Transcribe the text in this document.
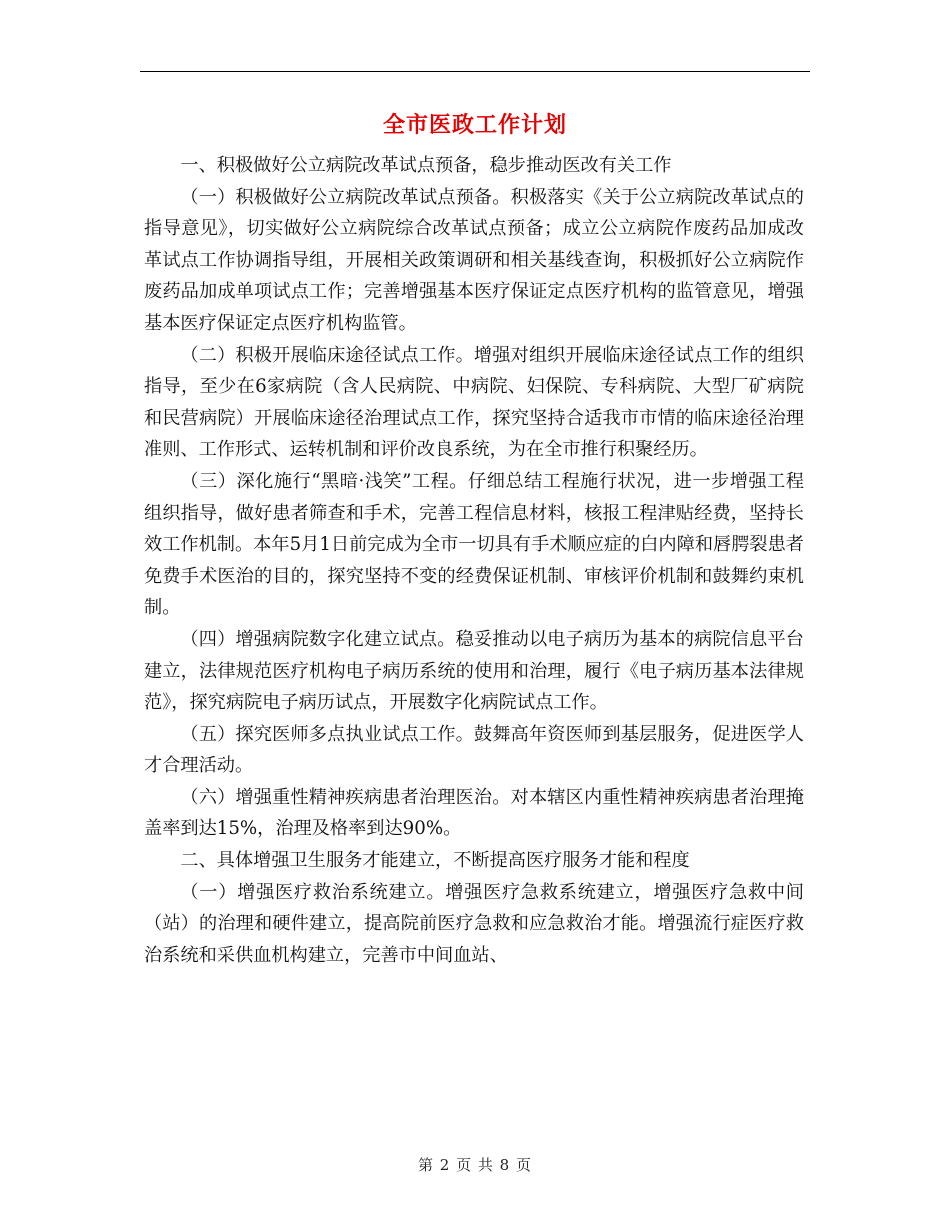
全市医政工作计划

一、积极做好公立病院改革试点预备，稳步推动医改有关工作

（一）积极做好公立病院改革试点预备。积极落实《关于公立病院改革试点的指导意见》，切实做好公立病院综合改革试点预备；成立公立病院作废药品加成改革试点工作协调指导组，开展相关政策调研和相关基线查询，积极抓好公立病院作废药品加成单项试点工作；完善增强基本医疗保证定点医疗机构的监管意见，增强基本医疗保证定点医疗机构监管。

（二）积极开展临床途径试点工作。增强对组织开展临床途径试点工作的组织指导，至少在6家病院（含人民病院、中病院、妇保院、专科病院、大型厂矿病院和民营病院）开展临床途径治理试点工作，探究坚持合适我市市情的临床途径治理准则、工作形式、运转机制和评价改良系统，为在全市推行积聚经历。

（三）深化施行“黑暗·浅笑”工程。仔细总结工程施行状况，进一步增强工程组织指导，做好患者筛查和手术，完善工程信息材料，核报工程津贴经费，坚持长效工作机制。本年5月1日前完成为全市一切具有手术顺应症的白内障和唇腭裂患者免费手术医治的目的，探究坚持不变的经费保证机制、审核评价机制和鼓舞约束机制。

（四）增强病院数字化建立试点。稳妥推动以电子病历为基本的病院信息平台建立，法律规范医疗机构电子病历系统的使用和治理，履行《电子病历基本法律规范》，探究病院电子病历试点，开展数字化病院试点工作。

（五）探究医师多点执业试点工作。鼓舞高年资医师到基层服务，促进医学人才合理活动。

（六）增强重性精神疾病患者治理医治。对本辖区内重性精神疾病患者治理掩盖率到达15%，治理及格率到达90%。

二、具体增强卫生服务才能建立，不断提高医疗服务才能和程度

（一）增强医疗救治系统建立。增强医疗急救系统建立，增强医疗急救中间（站）的治理和硬件建立，提高院前医疗急救和应急救治才能。增强流行症医疗救治系统和采供血机构建立，完善市中间血站、

第 2 页 共 8 页
